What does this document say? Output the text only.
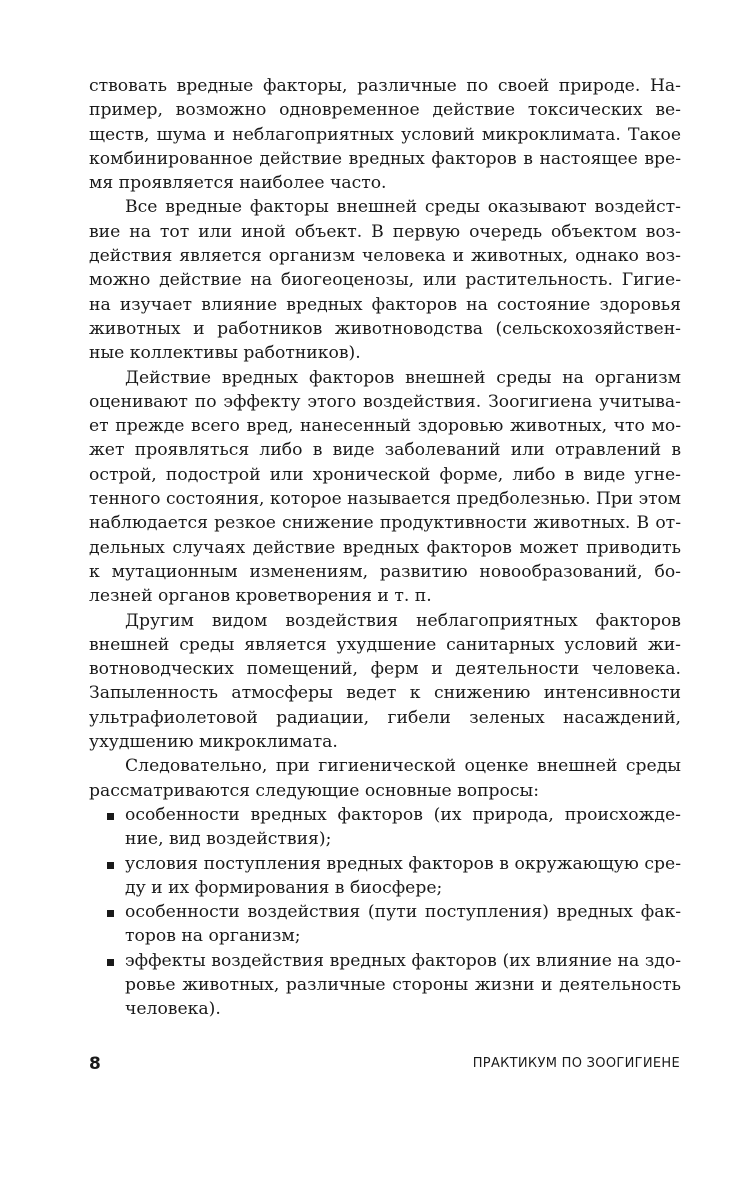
ствовать вредные факторы, различные по своей природе. На-
пример, возможно одновременное действие токсических ве-
ществ, шума и неблагоприятных условий микроклимата. Такое
комбинированное действие вредных факторов в настоящее вре-
мя проявляется наиболее часто.
Все вредные факторы внешней среды оказывают воздейст-
вие на тот или иной объект. В первую очередь объектом воз-
действия является организм человека и животных, однако воз-
можно действие на биогеоценозы, или растительность. Гигие-
на изучает влияние вредных факторов на состояние здоровья
животных и работников животноводства (сельскохозяйствен-
ные коллективы работников).
Действие вредных факторов внешней среды на организм
оценивают по эффекту этого воздействия. Зоогигиена учитыва-
ет прежде всего вред, нанесенный здоровью животных, что мо-
жет проявляться либо в виде заболеваний или отравлений в
острой, подострой или хронической форме, либо в виде угне-
тенного состояния, которое называется предболезнью. При этом
наблюдается резкое снижение продуктивности животных. В от-
дельных случаях действие вредных факторов может приводить
к мутационным изменениям, развитию новообразований, бо-
лезней органов кроветворения и т. п.
Другим видом воздействия неблагоприятных факторов
внешней среды является ухудшение санитарных условий жи-
вотноводческих помещений, ферм и деятельности человека.
Запыленность атмосферы ведет к снижению интенсивности
ультрафиолетовой радиации, гибели зеленых насаждений,
ухудшению микроклимата.
Следовательно, при гигиенической оценке внешней среды
рассматриваются следующие основные вопросы:
особенности вредных факторов (их природа, происхожде-
ние, вид воздействия);
условия поступления вредных факторов в окружающую сре-
ду и их формирования в биосфере;
особенности воздействия (пути поступления) вредных фак-
торов на организм;
эффекты воздействия вредных факторов (их влияние на здо-
ровье животных, различные стороны жизни и деятельность
человека).
8	ПРАКТИКУМ ПО ЗООГИГИЕНЕ
